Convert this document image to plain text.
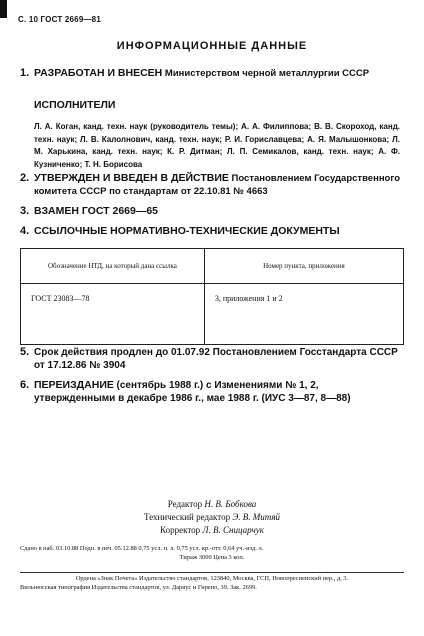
С. 10 ГОСТ 2669—81
ИНФОРМАЦИОННЫЕ ДАННЫЕ
1. РАЗРАБОТАН И ВНЕСЕН Министерством черной металлургии СССР
ИСПОЛНИТЕЛИ
Л. А. Коган, канд. техн. наук (руководитель темы); А. А. Филиппова; В. В. Скороход, канд. техн. наук; Л. В. Калолнович, канд. техн. наук; Р. И. Гориславцева; А. Я. Малышонкова; Л. М. Харькина, канд. техн. наук; К. Р. Дитман; Л. П. Семикалов, канд. техн. наук; А. Ф. Кузниченко; Т. Н. Борисова
2. УТВЕРЖДЕН И ВВЕДЕН В ДЕЙСТВИЕ Постановлением Государственного комитета СССР по стандартам от 22.10.81 № 4663
3. ВЗАМЕН ГОСТ 2669—65
4. ССЫЛОЧНЫЕ НОРМАТИВНО-ТЕХНИЧЕСКИЕ ДОКУМЕНТЫ
Обозначение НТД, на который дана ссылка	Номер пункта, приложения
ГОСТ 23083—78	3, приложения 1 и 2
5. Срок действия продлен до 01.07.92 Постановлением Госстандарта СССР от 17.12.86 № 3904
6. ПЕРЕИЗДАНИЕ (сентябрь 1988 г.) с Изменениями № 1, 2, утвержденными в декабре 1986 г., мае 1988 г. (ИУС 3—87, 8—88)
Редактор Н. В. Бобкова
Технический редактор Э. В. Митяй
Корректор Л. В. Сницарчук
Сдано в наб. 03.10.88 Подп. в печ. 05.12.88 0,75 усл. п. л. 0,75 усл. кр.-отт. 0,64 уч.-изд. л.
Тираж 3000 Цена 3 коп.
Ордена «Знак Почета» Издательство стандартов, 123840, Москва, ГСП, Новопресненский пер., д. 3.
Вильнюсская типография Издательства стандартов, ул. Даряус и Гирено, 39. Зак. 2699.
